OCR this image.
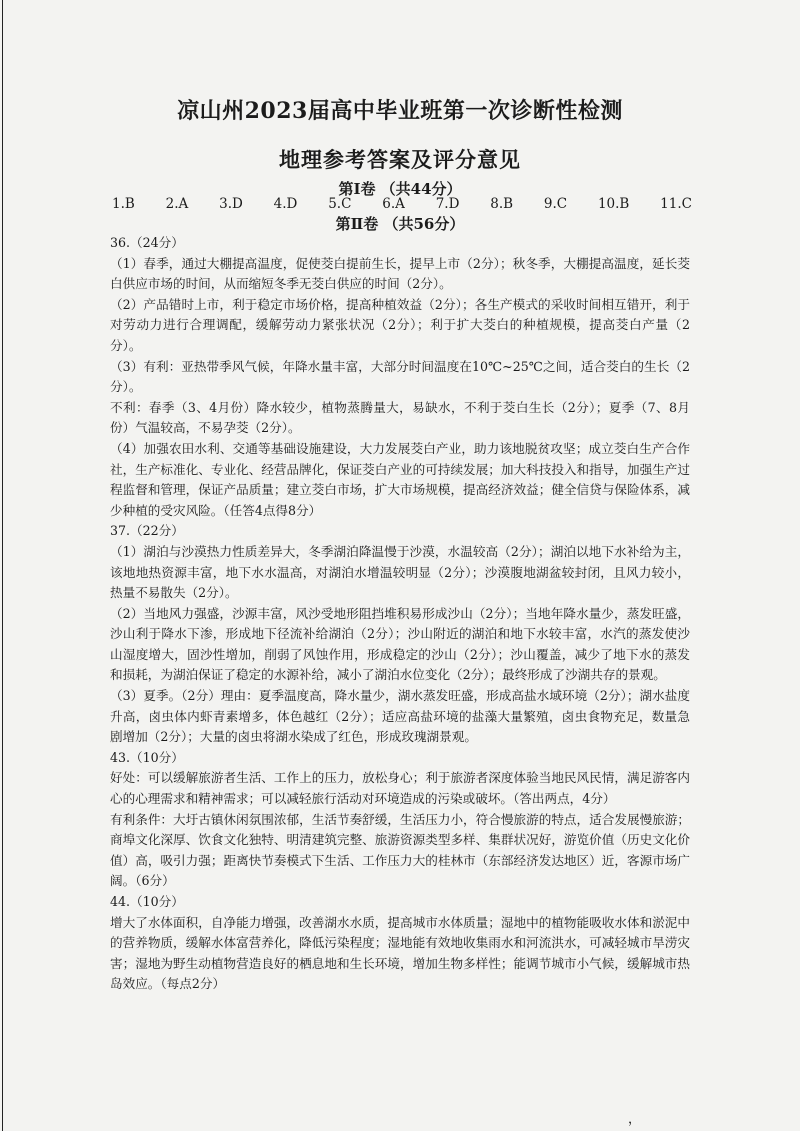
凉山州2023届高中毕业班第一次诊断性检测
地理参考答案及评分意见
第Ⅰ卷 （共44分）
1.B 2.A 3.D 4.D 5.C 6.A 7.D 8.B 9.C 10.B 11.C
第Ⅱ卷 （共56分）

36.（24分）

（1）春季，通过大棚提高温度，促使茭白提前生长，提早上市（2分）；秋冬季，大棚提高温度，延长茭白供应市场的时间，从而缩短冬季无茭白供应的时间（2分）。

（2）产品错时上市，利于稳定市场价格，提高种植效益（2分）；各生产模式的采收时间相互错开，利于对劳动力进行合理调配，缓解劳动力紧张状况（2分）；利于扩大茭白的种植规模，提高茭白产量（2分）。

（3）有利：亚热带季风气候，年降水量丰富，大部分时间温度在10℃~25℃之间，适合茭白的生长（2分）。

不利：春季（3、4月份）降水较少，植物蒸腾量大，易缺水，不利于茭白生长（2分）；夏季（7、8月份）气温较高，不易孕茭（2分）。

（4）加强农田水利、交通等基础设施建设，大力发展茭白产业，助力该地脱贫攻坚；成立茭白生产合作社，生产标准化、专业化、经营品牌化，保证茭白产业的可持续发展；加大科技投入和指导，加强生产过程监督和管理，保证产品质量；建立茭白市场，扩大市场规模，提高经济效益；健全信贷与保险体系，减少种植的受灾风险。（任答4点得8分）

37.（22分）

（1）湖泊与沙漠热力性质差异大，冬季湖泊降温慢于沙漠，水温较高（2分）；湖泊以地下水补给为主，该地地热资源丰富，地下水水温高，对湖泊水增温较明显（2分）；沙漠腹地湖盆较封闭，且风力较小，热量不易散失（2分）。

（2）当地风力强盛，沙源丰富，风沙受地形阻挡堆积易形成沙山（2分）；当地年降水量少，蒸发旺盛，沙山利于降水下渗，形成地下径流补给湖泊（2分）；沙山附近的湖泊和地下水较丰富，水汽的蒸发使沙山湿度增大，固沙性增加，削弱了风蚀作用，形成稳定的沙山（2分）；沙山覆盖，减少了地下水的蒸发和损耗，为湖泊保证了稳定的水源补给，减小了湖泊水位变化（2分）；最终形成了沙湖共存的景观。

（3）夏季。（2分）理由：夏季温度高，降水量少，湖水蒸发旺盛，形成高盐水域环境（2分）；湖水盐度升高，卤虫体内虾青素增多，体色越红（2分）；适应高盐环境的盐藻大量繁殖，卤虫食物充足，数量急剧增加（2分）；大量的卤虫将湖水染成了红色，形成玫瑰湖景观。

43.（10分）

好处：可以缓解旅游者生活、工作上的压力，放松身心；利于旅游者深度体验当地民风民情，满足游客内心的心理需求和精神需求；可以减轻旅行活动对环境造成的污染或破坏。（答出两点，4分）

有利条件：大圩古镇休闲氛围浓郁，生活节奏舒缓，生活压力小，符合慢旅游的特点，适合发展慢旅游；商埠文化深厚、饮食文化独特、明清建筑完整、旅游资源类型多样、集群状况好，游览价值（历史文化价值）高，吸引力强；距离快节奏模式下生活、工作压力大的桂林市（东部经济发达地区）近，客源市场广阔。（6分）

44.（10分）

增大了水体面积，自净能力增强，改善湖水水质，提高城市水体质量；湿地中的植物能吸收水体和淤泥中的营养物质，缓解水体富营养化，降低污染程度；湿地能有效地收集雨水和河流洪水，可减轻城市旱涝灾害；湿地为野生动植物营造良好的栖息地和生长环境，增加生物多样性；能调节城市小气候，缓解城市热岛效应。（每点2分）

，
